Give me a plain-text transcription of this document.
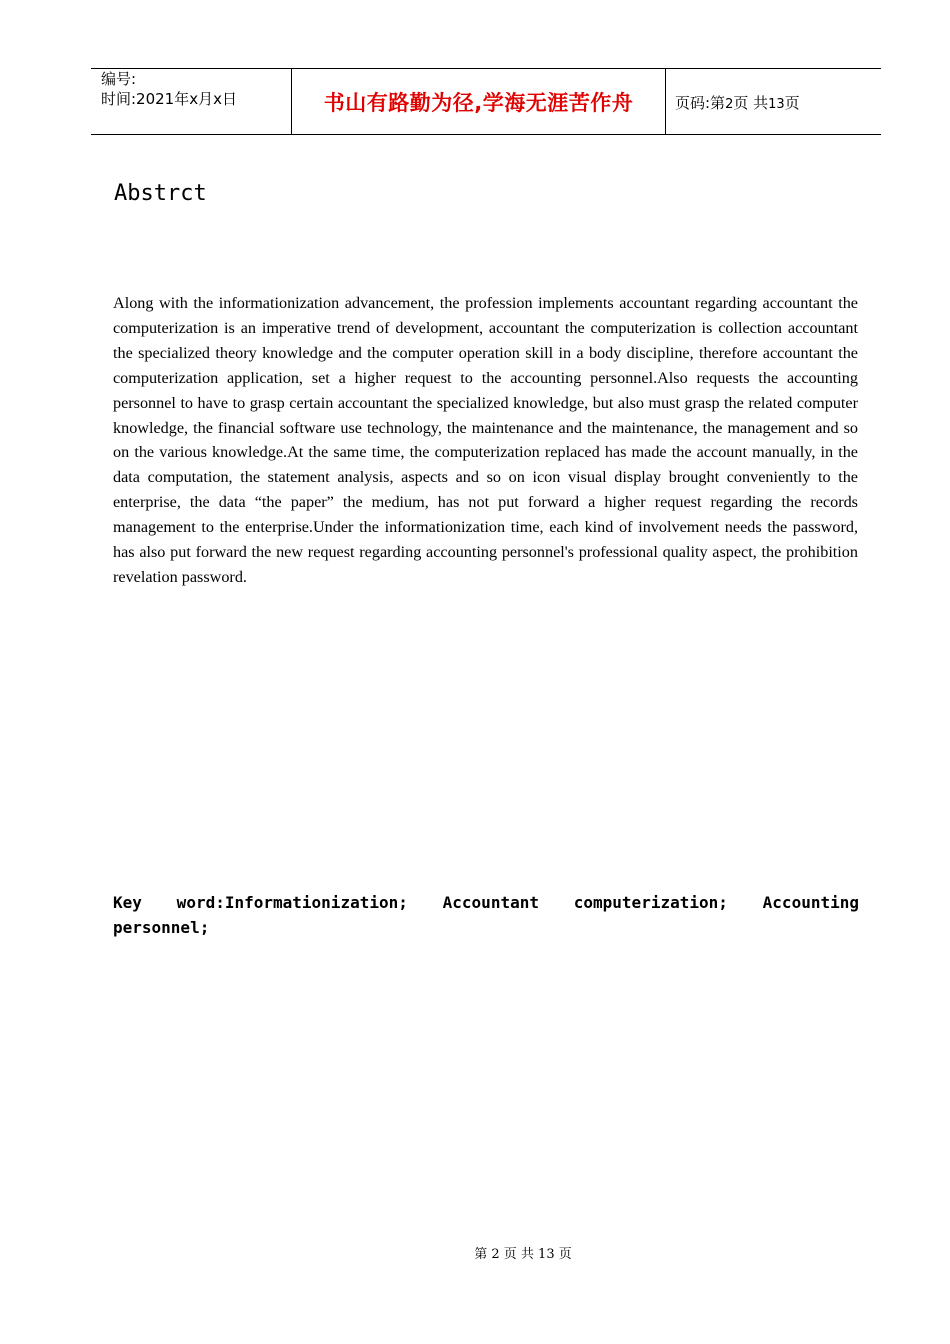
编号:
时间:2021年x月x日	书山有路勤为径,学海无涯苦作舟	页码:第2页 共13页
Abstrct

Along with the informationization advancement, the profession implements accountant regarding accountant the computerization is an imperative trend of development, accountant the computerization is collection accountant the specialized theory knowledge and the computer operation skill in a body discipline, therefore accountant the computerization application, set a higher request to the accounting personnel.Also requests the accounting personnel to have to grasp certain accountant the specialized knowledge, but also must grasp the related computer knowledge, the financial software use technology, the maintenance and the maintenance, the management and so on the various knowledge.At the same time, the computerization replaced has made the account manually, in the data computation, the statement analysis, aspects and so on icon visual display brought conveniently to the enterprise, the data “the paper” the medium, has not put forward a higher request regarding the records management to the enterprise.Under the informationization time, each kind of involvement needs the password, has also put forward the new request regarding accounting personnel's professional quality aspect, the prohibition revelation password.

Key word:Informationization; Accountant computerization; Accounting personnel;

第 2 页 共 13 页
